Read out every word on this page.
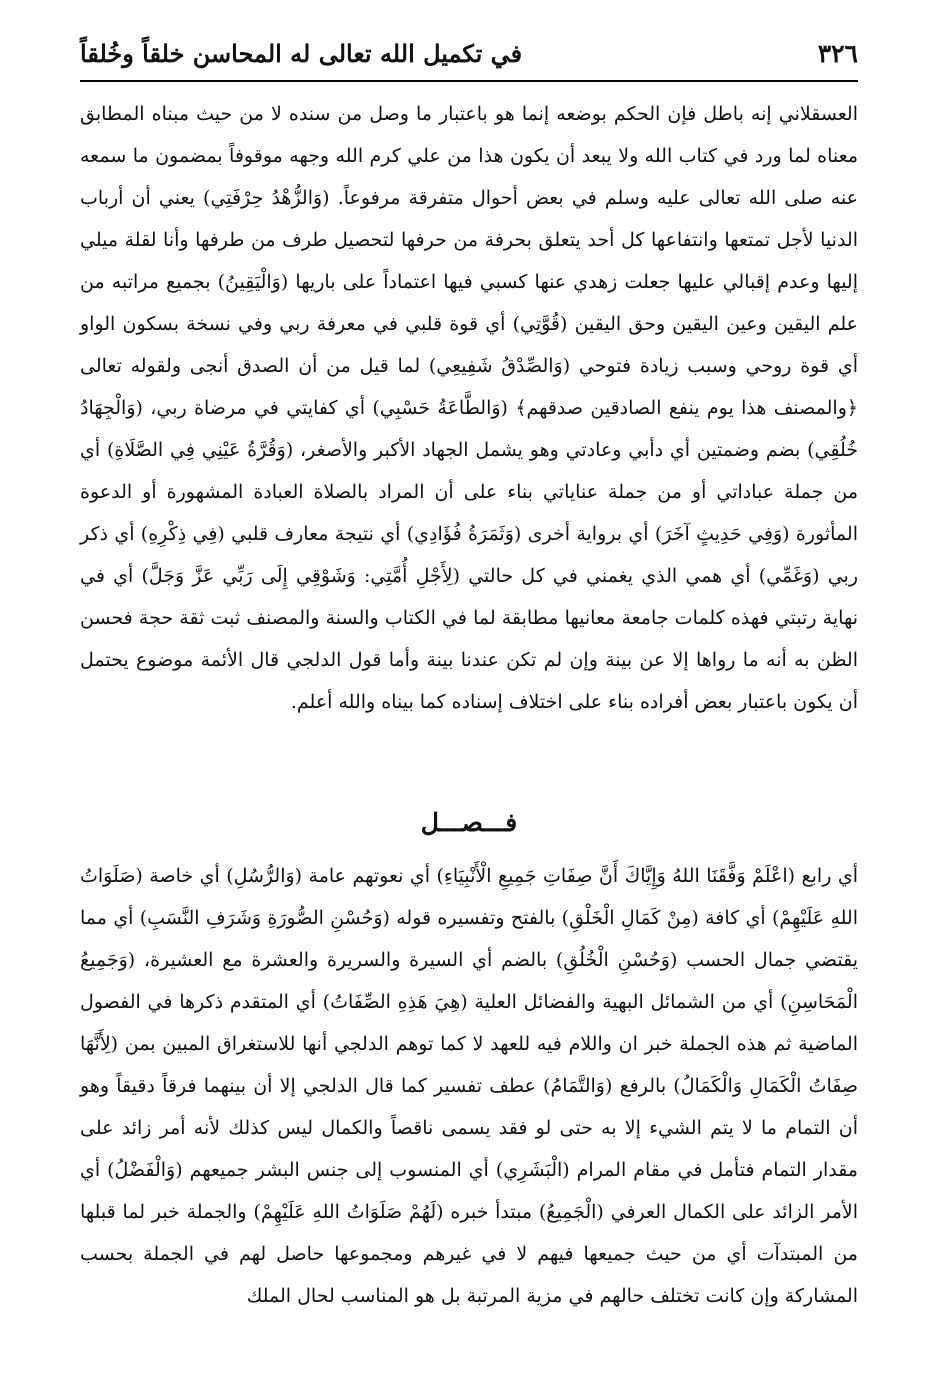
٣٢٦
في تكميل الله تعالى له المحاسن خلقاً وخُلقاً

العسقلاني إنه باطل فإن الحكم بوضعه إنما هو باعتبار ما وصل من سنده لا من حيث مبناه المطابق معناه لما ورد في كتاب الله ولا يبعد أن يكون هذا من علي كرم الله وجهه موقوفاً بمضمون ما سمعه عنه صلى الله تعالى عليه وسلم في بعض أحوال متفرقة مرفوعاً. (وَالزُّهْدُ حِرْفَتِي) يعني أن أرباب الدنيا لأجل تمتعها وانتفاعها كل أحد يتعلق بحرفة من حرفها لتحصيل طرف من طرفها وأنا لقلة ميلي إليها وعدم إقبالي عليها جعلت زهدي عنها كسبي فيها اعتماداً على باريها (وَالْيَقِينُ) بجميع مراتبه من علم اليقين وعين اليقين وحق اليقين (قُوَّتِي) أي قوة قلبي في معرفة ربي وفي نسخة بسكون الواو أي قوة روحي وسبب زيادة فتوحي (وَالصِّدْقُ شَفِيعِي) لما قيل من أن الصدق أنجى ولقوله تعالى ﴿والمصنف هذا يوم ينفع الصادقين صدقهم﴾ (وَالطَّاعَةُ حَسْبِي) أي كفايتي في مرضاة ربي، (وَالْجِهَادُ خُلُقِي) بضم وضمتين أي دأبي وعادتي وهو يشمل الجهاد الأكبر والأصغر، (وَقُرَّةُ عَيْنِي فِي الصَّلَاةِ) أي من جملة عباداتي أو من جملة عناياتي بناء على أن المراد بالصلاة العبادة المشهورة أو الدعوة المأثورة (وَفِي حَدِيثٍ آخَرَ) أي برواية أخرى (وَثَمَرَةُ فُؤَادِي) أي نتيجة معارف قلبي (فِي ذِكْرِهِ) أي ذكر ربي (وَغَمِّي) أي همي الذي يغمني في كل حالتي (لِأَجْلِ أُمَّتِي: وَشَوْقِي إِلَى رَبِّي عَزَّ وَجَلَّ) أي في نهاية رتبتي فهذه كلمات جامعة معانيها مطابقة لما في الكتاب والسنة والمصنف ثبت ثقة حجة فحسن الظن به أنه ما رواها إلا عن بينة وإن لم تكن عندنا بينة وأما قول الدلجي قال الأئمة موضوع يحتمل أن يكون باعتبار بعض أفراده بناء على اختلاف إسناده كما بيناه والله أعلم.

فـــصـــل

أي رابع (اعْلَمْ وَفَّقَنَا اللهُ وَإِيَّاكَ أَنَّ صِفَاتِ جَمِيعِ الْأَنْبِيَاءِ) أي نعوتهم عامة (وَالرُّسُلِ) أي خاصة (صَلَوَاتُ اللهِ عَلَيْهِمْ) أي كافة (مِنْ كَمَالِ الْخَلْقِ) بالفتح وتفسيره قوله (وَحُسْنِ الصُّورَةِ وَشَرَفِ النَّسَبِ) أي مما يقتضي جمال الحسب (وَحُسْنِ الْخُلُقِ) بالضم أي السيرة والسريرة والعشرة مع العشيرة، (وَجَمِيعُ الْمَحَاسِنِ) أي من الشمائل البهية والفضائل العلية (هِيَ هَذِهِ الصِّفَاتُ) أي المتقدم ذكرها في الفصول الماضية ثم هذه الجملة خبر ان واللام فيه للعهد لا كما توهم الدلجي أنها للاستغراق المبين بمن (لِأَنَّهَا صِفَاتُ الْكَمَالِ وَالْكَمَالُ) بالرفع (وَالتَّمَامُ) عطف تفسير كما قال الدلجي إلا أن بينهما فرقاً دقيقاً وهو أن التمام ما لا يتم الشيء إلا به حتى لو فقد يسمى ناقصاً والكمال ليس كذلك لأنه أمر زائد على مقدار التمام فتأمل في مقام المرام (الْبَشَرِي) أي المنسوب إلى جنس البشر جميعهم (وَالْفَضْلُ) أي الأمر الزائد على الكمال العرفي (الْجَمِيعُ) مبتدأ خبره (لَهُمْ صَلَوَاتُ اللهِ عَلَيْهِمْ) والجملة خبر لما قبلها من المبتدآت أي من حيث جميعها فيهم لا في غيرهم ومجموعها حاصل لهم في الجملة بحسب المشاركة وإن كانت تختلف حالهم في مزية المرتبة بل هو المناسب لحال الملك
